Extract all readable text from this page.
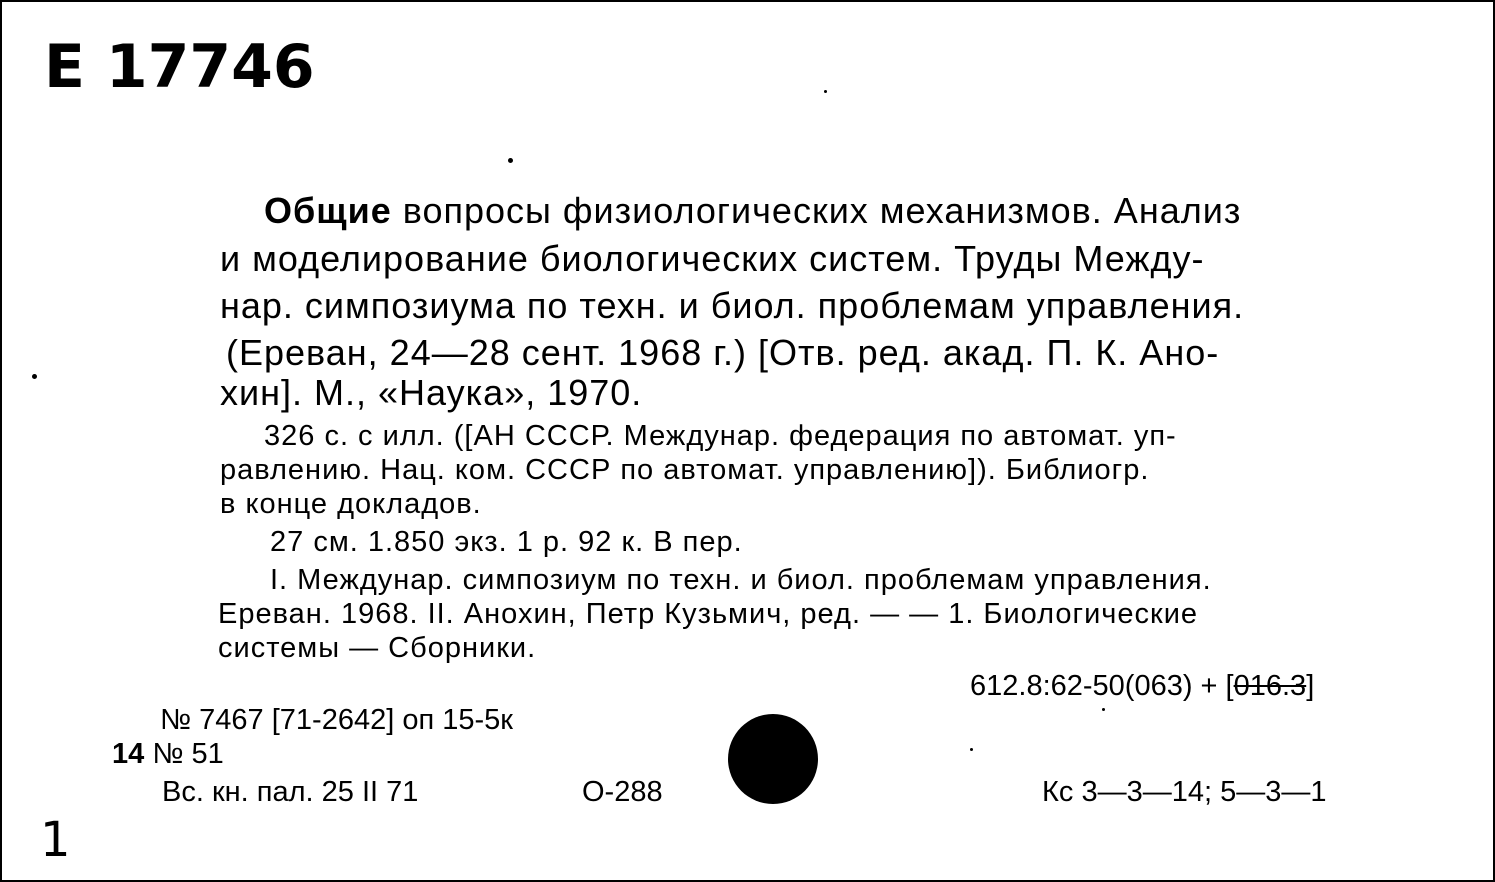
Е 17746
Общие вопросы физиологических механизмов. Анализ
и моделирование биологических систем. Труды Междy-
нар. симпозиума по техн. и биол. проблемам управления.
(Ереван, 24—28 сент. 1968 г.) [Отв. ред. акад. П. К. Ано-
хин]. М., «Наука», 1970.
326 с. с илл. ([АН СССР. Междунар. федерация по автомат. уп-
равлению. Нац. ком. СССР по автомат. управлению]). Библиогр.
в конце докладов.
27 см. 1.850 экз. 1 р. 92 к. В пер.
I. Междунар. симпозиум по техн. и биол. проблемам управления.
Ереван. 1968. II. Анохин, Петр Кузьмич, ред. — — 1. Биологические
системы — Сборники.
612.8:62-50(063) + [016.3]
№ 7467 [71-2642] оп 15-5к
14 № 51
Вс. кн. пал. 25 II 71	О-288	Кс 3—3—14; 5—3—1
1
